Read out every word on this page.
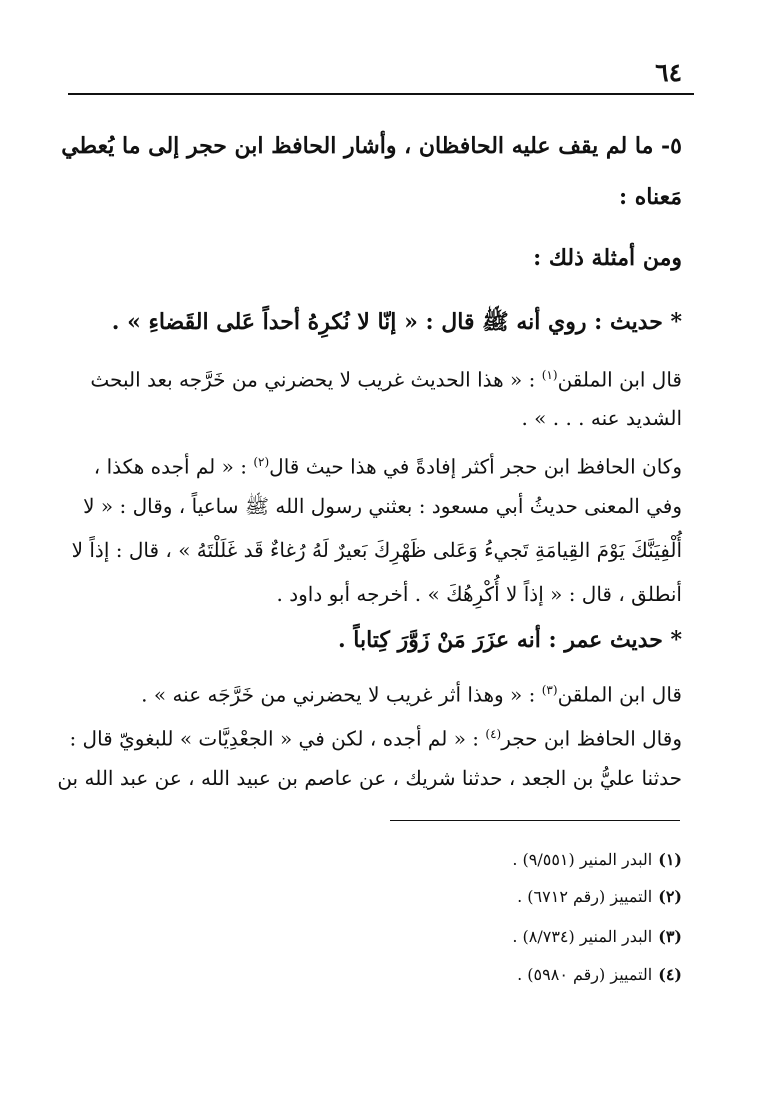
٦٤
٥- ما لم يقف عليه الحافظان ، وأشار الحافظ ابن حجر إلى ما يُعطي
مَعناه :
ومن أمثلة ذلك :
* حديث : روي أنه ﷺ قال : « إنّا لا نُكرِهُ أحداً عَلى القَضاءِ » .
قال ابن الملقن$^{(١)}$ : « هذا الحديث غريب لا يحضرني من خَرَّجه بعد البحث
الشديد عنه . . . » .
وكان الحافظ ابن حجر أكثر إفادةً في هذا حيث قال$^{(٢)}$ : « لم أجده هكذا ،
وفي المعنى حديثُ أبي مسعود : بعثني رسول الله ﷺ ساعياً ، وقال : « لا
أُلْفِيَنَّكَ يَوْمَ القِيامَةِ تَجيءُ وَعَلى ظَهْرِكَ بَعيرٌ لَهُ رُغاءٌ قَد غَلَلْتَهُ » ، قال : إذاً لا
أنطلق ، قال : « إذاً لا أُكْرِهُكَ » . أخرجه أبو داود .
* حديث عمر : أنه عزَرَ مَنْ زَوَّرَ كِتاباً .
قال ابن الملقن$^{(٣)}$ : « وهذا أثر غريب لا يحضرني من خَرَّجَه عنه » .
وقال الحافظ ابن حجر$^{(٤)}$ : « لم أجده ، لكن في « الجعْدِيَّات » للبغويّ قال :
حدثنا عليُّ بن الجعد ، حدثنا شريك ، عن عاصم بن عبيد الله ، عن عبد الله بن
(١)البدر المنير (٩/٥٥١) .
(٢)التمييز (رقم ٦٧١٢) .
(٣)البدر المنير (٨/٧٣٤) .
(٤)التمييز (رقم ٥٩٨٠) .
